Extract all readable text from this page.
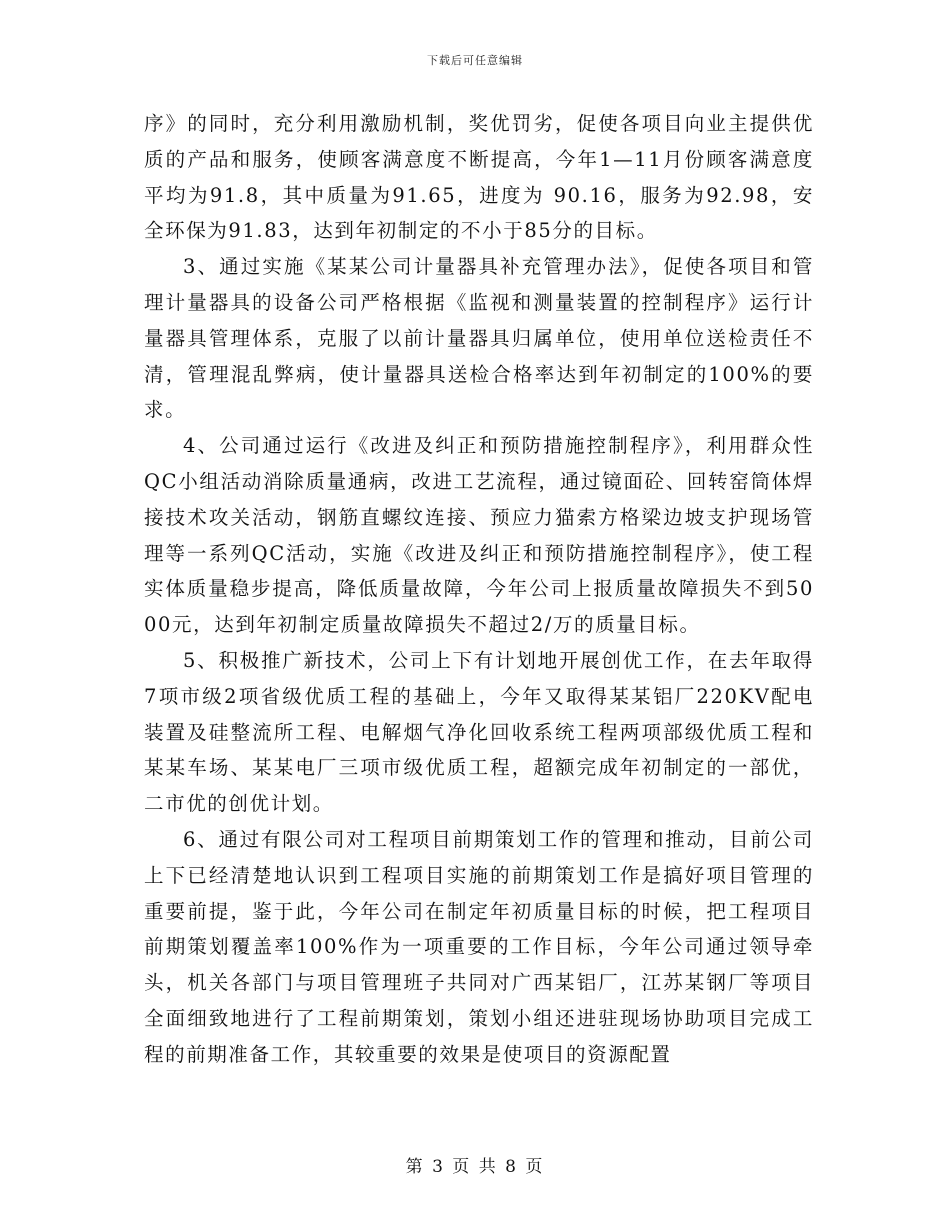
下载后可任意编辑

序》的同时，充分利用激励机制，奖优罚劣，促使各项目向业主提供优质的产品和服务，使顾客满意度不断提高，今年1—11月份顾客满意度平均为91.8，其中质量为91.65，进度为 90.16，服务为92.98，安全环保为91.83，达到年初制定的不小于85分的目标。

3、通过实施《某某公司计量器具补充管理办法》，促使各项目和管理计量器具的设备公司严格根据《监视和测量装置的控制程序》运行计量器具管理体系，克服了以前计量器具归属单位，使用单位送检责任不清，管理混乱弊病，使计量器具送检合格率达到年初制定的100%的要求。

4、公司通过运行《改进及纠正和预防措施控制程序》，利用群众性QC小组活动消除质量通病，改进工艺流程，通过镜面砼、回转窑筒体焊接技术攻关活动，钢筋直螺纹连接、预应力猫索方格梁边坡支护现场管理等一系列QC活动，实施《改进及纠正和预防措施控制程序》，使工程实体质量稳步提高，降低质量故障，今年公司上报质量故障损失不到5000元，达到年初制定质量故障损失不超过2/万的质量目标。

5、积极推广新技术，公司上下有计划地开展创优工作，在去年取得7项市级2项省级优质工程的基础上，今年又取得某某铝厂220KV配电装置及硅整流所工程、电解烟气净化回收系统工程两项部级优质工程和某某车场、某某电厂三项市级优质工程，超额完成年初制定的一部优，二市优的创优计划。

6、通过有限公司对工程项目前期策划工作的管理和推动，目前公司上下已经清楚地认识到工程项目实施的前期策划工作是搞好项目管理的重要前提，鉴于此，今年公司在制定年初质量目标的时候，把工程项目前期策划覆盖率100%作为一项重要的工作目标，今年公司通过领导牵头，机关各部门与项目管理班子共同对广西某铝厂，江苏某钢厂等项目全面细致地进行了工程前期策划，策划小组还进驻现场协助项目完成工程的前期准备工作，其较重要的效果是使项目的资源配置

第 3 页 共 8 页
